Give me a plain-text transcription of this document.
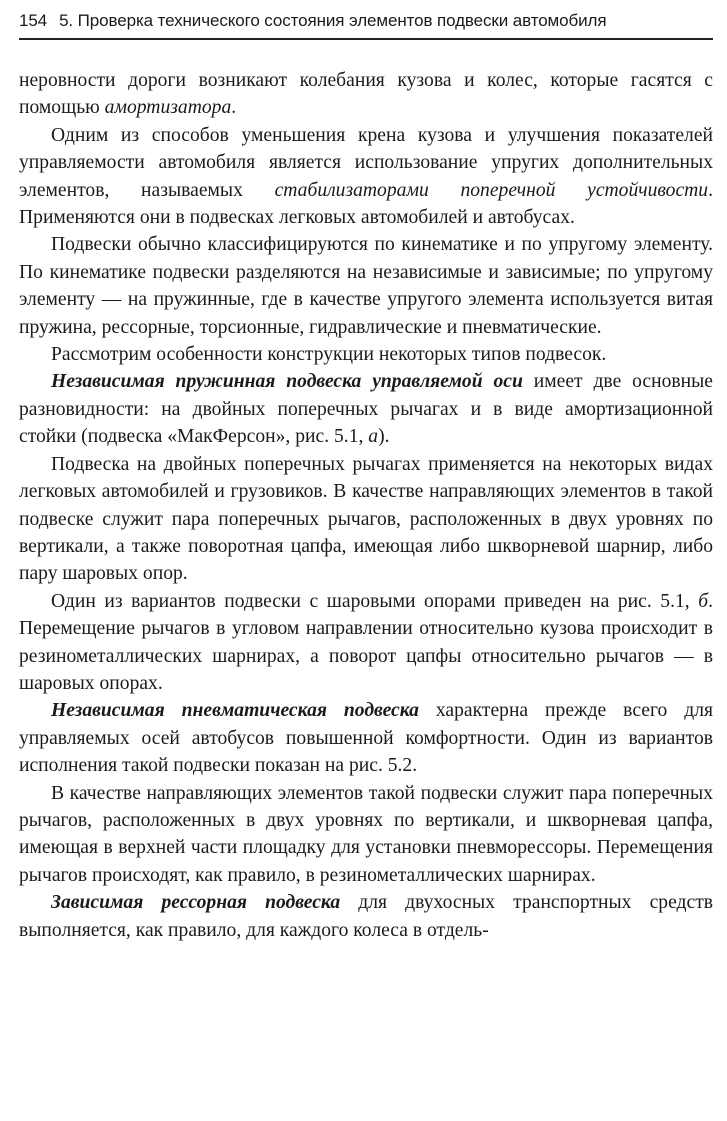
154 5. Проверка технического состояния элементов подвески автомобиля

неровности дороги возникают колебания кузова и колес, которые гасятся с помощью амортизатора.

Одним из способов уменьшения крена кузова и улучшения показателей управляемости автомобиля является использование упругих дополнительных элементов, называемых стабилизаторами поперечной устойчивости. Применяются они в подвесках легковых автомобилей и автобусах.

Подвески обычно классифицируются по кинематике и по упругому элементу. По кинематике подвески разделяются на независимые и зависимые; по упругому элементу — на пружинные, где в качестве упругого элемента используется витая пружина, рессорные, торсионные, гидравлические и пневматические.

Рассмотрим особенности конструкции некоторых типов подвесок.

Независимая пружинная подвеска управляемой оси имеет две основные разновидности: на двойных поперечных рычагах и в виде амортизационной стойки (подвеска «МакФерсон», рис. 5.1, а).

Подвеска на двойных поперечных рычагах применяется на некоторых видах легковых автомобилей и грузовиков. В качестве направляющих элементов в такой подвеске служит пара поперечных рычагов, расположенных в двух уровнях по вертикали, а также поворотная цапфа, имеющая либо шкворневой шарнир, либо пару шаровых опор.

Один из вариантов подвески с шаровыми опорами приведен на рис. 5.1, б. Перемещение рычагов в угловом направлении относительно кузова происходит в резинометаллических шарнирах, а поворот цапфы относительно рычагов — в шаровых опорах.

Независимая пневматическая подвеска характерна прежде всего для управляемых осей автобусов повышенной комфортности. Один из вариантов исполнения такой подвески показан на рис. 5.2.

В качестве направляющих элементов такой подвески служит пара поперечных рычагов, расположенных в двух уровнях по вертикали, и шкворневая цапфа, имеющая в верхней части площадку для установки пневморессоры. Перемещения рычагов происходят, как правило, в резинометаллических шарнирах.

Зависимая рессорная подвеска для двухосных транспортных средств выполняется, как правило, для каждого колеса в отдель-
